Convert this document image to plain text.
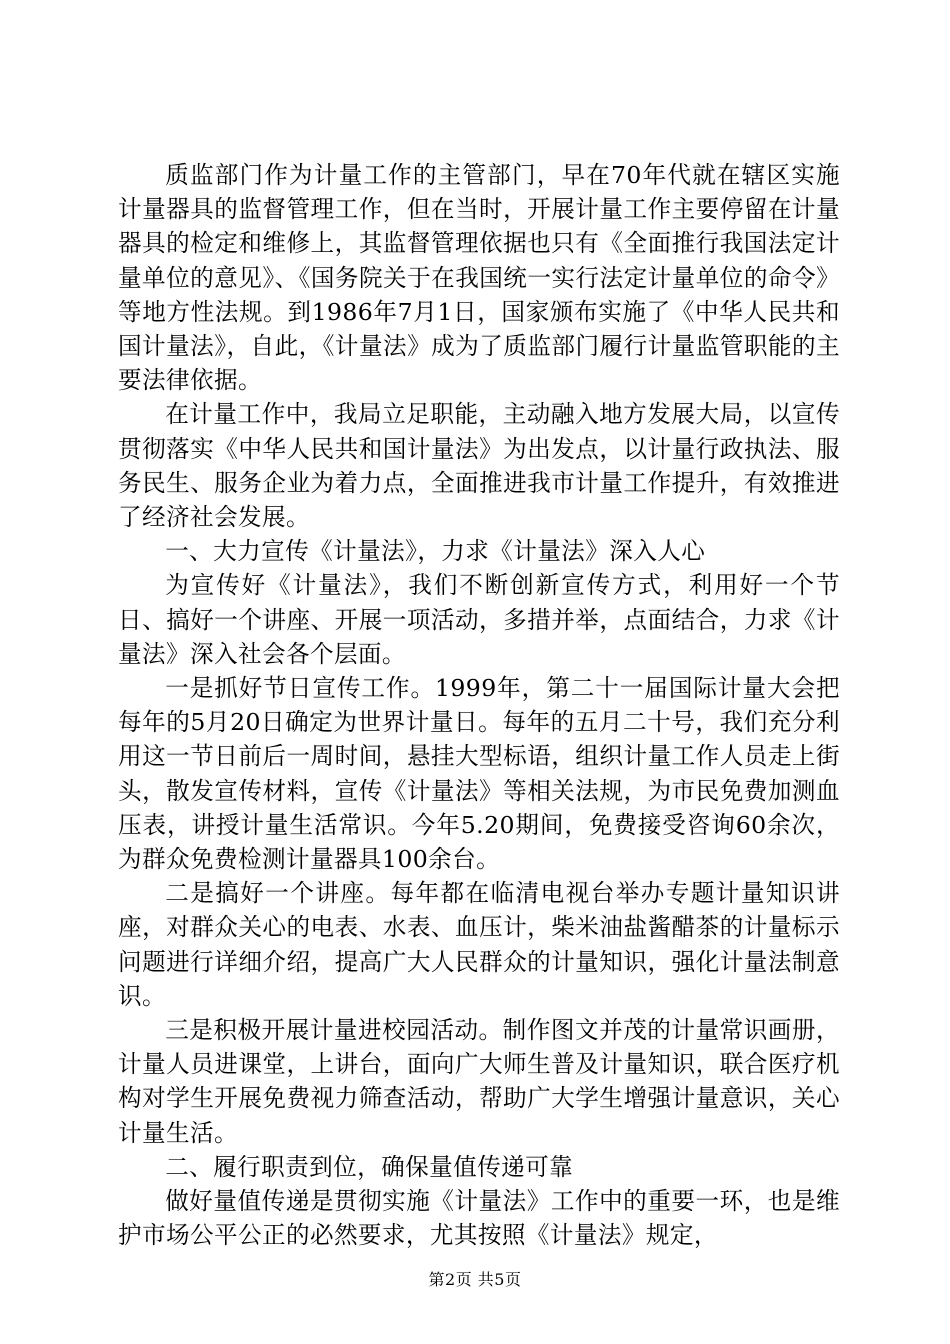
质监部门作为计量工作的主管部门，早在70年代就在辖区实施计量器具的监督管理工作，但在当时，开展计量工作主要停留在计量器具的检定和维修上，其监督管理依据也只有《全面推行我国法定计量单位的意见》、《国务院关于在我国统一实行法定计量单位的命令》等地方性法规。到1986年7月1日，国家颁布实施了《中华人民共和国计量法》，自此，《计量法》成为了质监部门履行计量监管职能的主要法律依据。

在计量工作中，我局立足职能，主动融入地方发展大局，以宣传贯彻落实《中华人民共和国计量法》为出发点，以计量行政执法、服务民生、服务企业为着力点，全面推进我市计量工作提升，有效推进了经济社会发展。

一、大力宣传《计量法》，力求《计量法》深入人心

为宣传好《计量法》，我们不断创新宣传方式，利用好一个节日、搞好一个讲座、开展一项活动，多措并举，点面结合，力求《计量法》深入社会各个层面。

一是抓好节日宣传工作。1999年，第二十一届国际计量大会把每年的5月20日确定为世界计量日。每年的五月二十号，我们充分利用这一节日前后一周时间，悬挂大型标语，组织计量工作人员走上街头，散发宣传材料，宣传《计量法》等相关法规，为市民免费加测血压表，讲授计量生活常识。今年5.20期间，免费接受咨询60余次，为群众免费检测计量器具100余台。

二是搞好一个讲座。每年都在临清电视台举办专题计量知识讲座，对群众关心的电表、水表、血压计，柴米油盐酱醋茶的计量标示问题进行详细介绍，提高广大人民群众的计量知识，强化计量法制意识。

三是积极开展计量进校园活动。制作图文并茂的计量常识画册，计量人员进课堂，上讲台，面向广大师生普及计量知识，联合医疗机构对学生开展免费视力筛查活动，帮助广大学生增强计量意识，关心计量生活。

二、履行职责到位，确保量值传递可靠

做好量值传递是贯彻实施《计量法》工作中的重要一环，也是维护市场公平公正的必然要求，尤其按照《计量法》规定，

第2页 共5页
